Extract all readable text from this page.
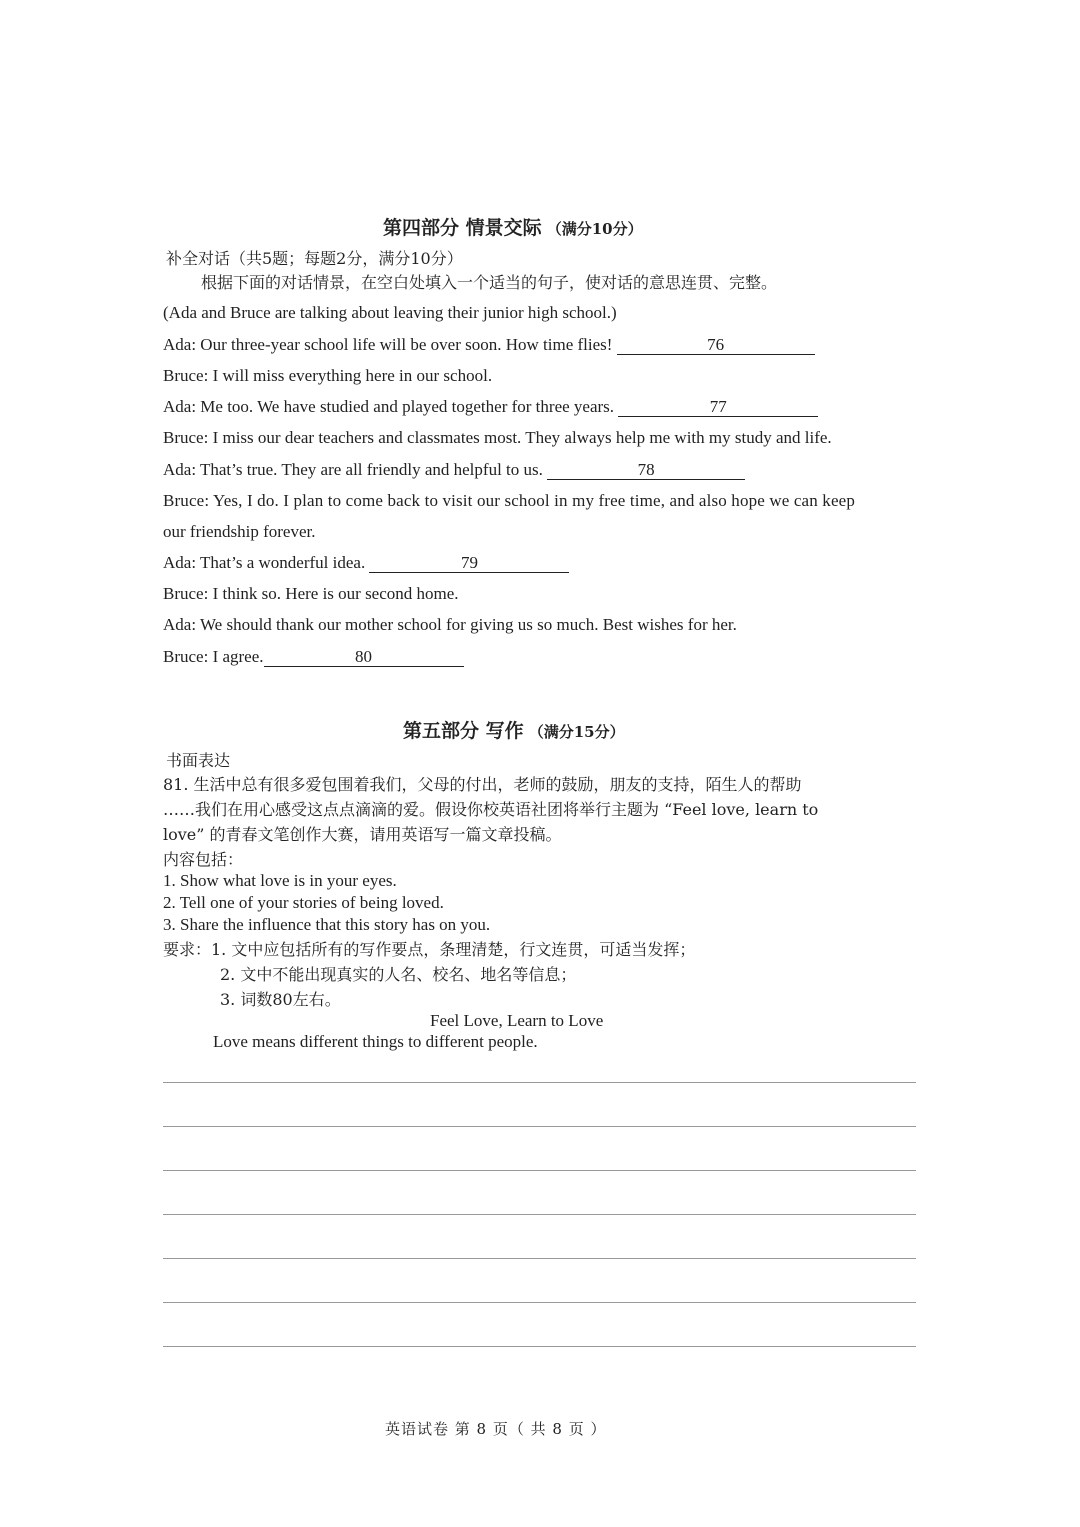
第四部分 情景交际 （满分10分）
补全对话（共5题；每题2分，满分10分）
根据下面的对话情景，在空白处填入一个适当的句子，使对话的意思连贯、完整。
(Ada and Bruce are talking about leaving their junior high school.)
Ada: Our three-year school life will be over soon. How time flies!	76
Bruce: I will miss everything here in our school.
Ada: Me too. We have studied and played together for three years.	77
Bruce: I miss our dear teachers and classmates most. They always help me with my study and life.
Ada: That’s true. They are all friendly and helpful to us.	78
Bruce: Yes, I do. I plan to come back to visit our school in my free time, and also hope we can keep
our friendship forever.
Ada: That’s a wonderful idea.	79
Bruce: I think so. Here is our second home.
Ada: We should thank our mother school for giving us so much. Best wishes for her.
Bruce: I agree.	80
第五部分 写作 （满分15分）
书面表达
81. 生活中总有很多爱包围着我们，父母的付出，老师的鼓励，朋友的支持，陌生人的帮助
……我们在用心感受这点点滴滴的爱。假设你校英语社团将举行主题为 “Feel love, learn to
love” 的青春文笔创作大赛，请用英语写一篇文章投稿。
内容包括：
1. Show what love is in your eyes.
2. Tell one of your stories of being loved.
3. Share the influence that this story has on you.
要求：1. 文中应包括所有的写作要点，条理清楚，行文连贯，可适当发挥；
2. 文中不能出现真实的人名、校名、地名等信息；
3. 词数80左右。
Feel Love, Learn to Love
Love means different things to different people.
英语试卷 第 8 页（ 共 8 页 ）
